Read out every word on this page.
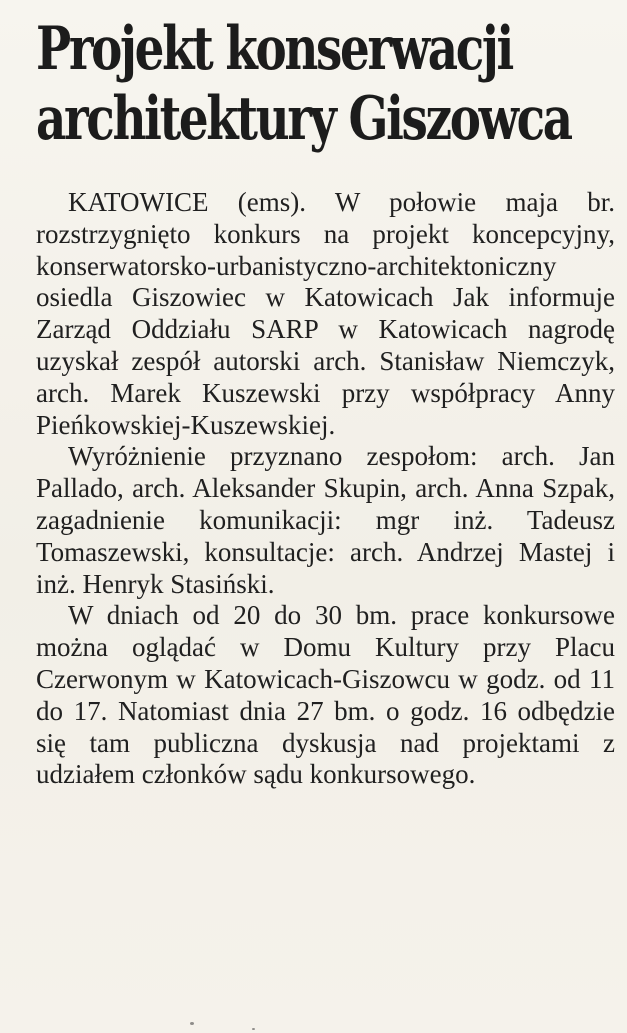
Projekt konserwacji
architektury Giszowca

KATOWICE (ems). W połowie maja br. rozstrzygnięto konkurs na projekt koncepcyjny, konserwatorsko-urbanistyczno-architektoniczny osiedla Giszowiec w Katowicach Jak informuje Zarząd Oddziału SARP w Katowicach nagrodę uzyskał zespół autorski arch. Stanisław Niemczyk, arch. Marek Kuszewski przy współpracy Anny Pieńkowskiej-Kuszewskiej.

Wyróżnienie przyznano zespołom: arch. Jan Pallado, arch. Aleksander Skupin, arch. Anna Szpak, zagadnienie komunikacji: mgr inż. Tadeusz Tomaszewski, konsultacje: arch. Andrzej Mastej i inż. Henryk Stasiński.

W dniach od 20 do 30 bm. prace konkursowe można oglądać w Domu Kultury przy Placu Czerwonym w Katowicach-Giszowcu w godz. od 11 do 17. Natomiast dnia 27 bm. o godz. 16 odbędzie się tam publiczna dyskusja nad projektami z udziałem członków sądu konkursowego.
